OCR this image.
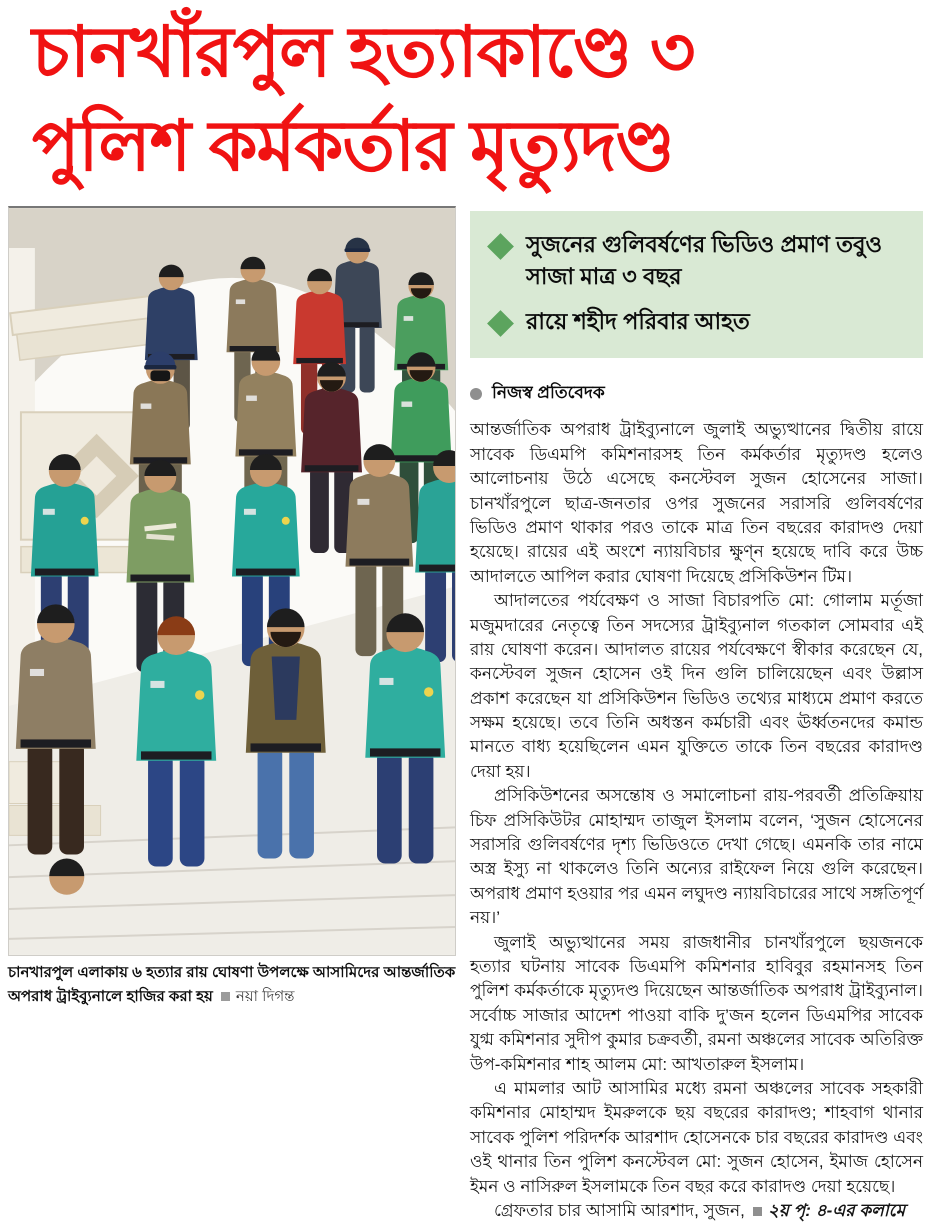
চানখাঁরপুল হত্যাকাণ্ডে ৩
পুলিশ কর্মকর্তার মৃত্যুদণ্ড
চানখারপুল এলাকায় ৬ হত্যার রায় ঘোষণা উপলক্ষে আসামিদের আন্তর্জাতিক অপরাধ ট্রাইব্যুনালে হাজির করা হয় নয়া দিগন্ত
সুজনের গুলিবর্ষণের ভিডিও প্রমাণ তবুও সাজা মাত্র ৩ বছর
রায়ে শহীদ পরিবার আহত
নিজস্ব প্রতিবেদক

আন্তর্জাতিক অপরাধ ট্রাইব্যুনালে জুলাই অভ্যুত্থানের দ্বিতীয় রায়ে সাবেক ডিএমপি কমিশনারসহ তিন কর্মকর্তার মৃত্যুদণ্ড হলেও আলোচনায় উঠে এসেছে কনস্টেবল সুজন হোসেনের সাজা। চানখাঁরপুলে ছাত্র-জনতার ওপর সুজনের সরাসরি গুলিবর্ষণের ভিডিও প্রমাণ থাকার পরও তাকে মাত্র তিন বছরের কারাদণ্ড দেয়া হয়েছে। রায়ের এই অংশে ন্যায়বিচার ক্ষুণ্ন হয়েছে দাবি করে উচ্চ আদালতে আপিল করার ঘোষণা দিয়েছে প্রসিকিউশন টিম।

আদালতের পর্যবেক্ষণ ও সাজা বিচারপতি মো: গোলাম মর্তূজা মজুমদারের নেতৃত্বে তিন সদস্যের ট্রাইব্যুনাল গতকাল সোমবার এই রায় ঘোষণা করেন। আদালত রায়ের পর্যবেক্ষণে স্বীকার করেছেন যে, কনস্টেবল সুজন হোসেন ওই দিন গুলি চালিয়েছেন এবং উল্লাস প্রকাশ করেছেন যা প্রসিকিউশন ভিডিও তথ্যের মাধ্যমে প্রমাণ করতে সক্ষম হয়েছে। তবে তিনি অধস্তন কর্মচারী এবং ঊর্ধ্বতনদের কমান্ড মানতে বাধ্য হয়েছিলেন এমন যুক্তিতে তাকে তিন বছরের কারাদণ্ড দেয়া হয়।

প্রসিকিউশনের অসন্তোষ ও সমালোচনা রায়-পরবর্তী প্রতিক্রিয়ায় চিফ প্রসিকিউটর মোহাম্মদ তাজুল ইসলাম বলেন, ‘সুজন হোসেনের সরাসরি গুলিবর্ষণের দৃশ্য ভিডিওতে দেখা গেছে। এমনকি তার নামে অস্ত্র ইস্যু না থাকলেও তিনি অন্যের রাইফেল নিয়ে গুলি করেছেন। অপরাধ প্রমাণ হওয়ার পর এমন লঘুদণ্ড ন্যায়বিচারের সাথে সঙ্গতিপূর্ণ নয়।’

জুলাই অভ্যুত্থানের সময় রাজধানীর চানখাঁরপুলে ছয়জনকে হত্যার ঘটনায় সাবেক ডিএমপি কমিশনার হাবিবুর রহমানসহ তিন পুলিশ কর্মকর্তাকে মৃত্যুদণ্ড দিয়েছেন আন্তর্জাতিক অপরাধ ট্রাইব্যুনাল। সর্বোচ্চ সাজার আদেশ পাওয়া বাকি দু’জন হলেন ডিএমপির সাবেক যুগ্ম কমিশনার সুদীপ কুমার চক্রবর্তী, রমনা অঞ্চলের সাবেক অতিরিক্ত উপ-কমিশনার শাহ আলম মো: আখতারুল ইসলাম।

এ মামলার আট আসামির মধ্যে রমনা অঞ্চলের সাবেক সহকারী কমিশনার মোহাম্মদ ইমরুলকে ছয় বছরের কারাদণ্ড; শাহবাগ থানার সাবেক পুলিশ পরিদর্শক আরশাদ হোসেনকে চার বছরের কারাদণ্ড এবং ওই থানার তিন পুলিশ কনস্টেবল মো: সুজন হোসেন, ইমাজ হোসেন ইমন ও নাসিরুল ইসলামকে তিন বছর করে কারাদণ্ড দেয়া হয়েছে।

গ্রেফতার চার আসামি আরশাদ, সুজন, ২য় পৃ: ৪-এর কলামে
